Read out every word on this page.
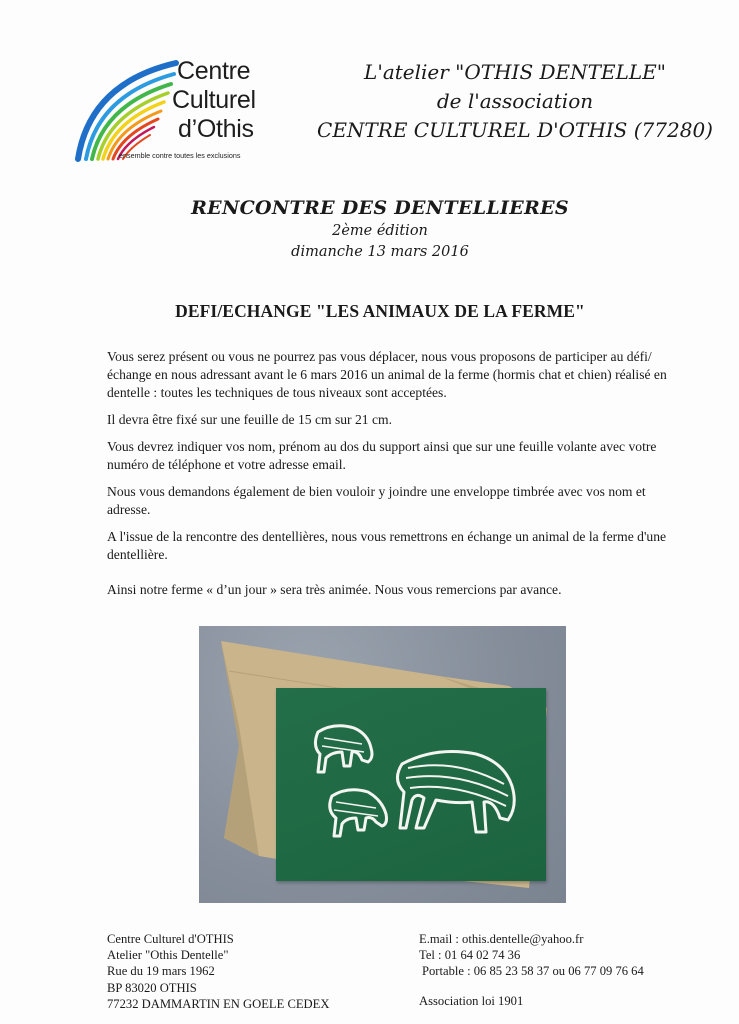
Centre
Culturel
d’Othis
ensemble contre toutes les exclusions
L'atelier "OTHIS DENTELLE"
de l'association
CENTRE CULTUREL D'OTHIS (77280)
RENCONTRE DES DENTELLIERES
2ème édition
dimanche 13 mars 2016
DEFI/ECHANGE "LES ANIMAUX DE LA FERME"

Vous serez présent ou vous ne pourrez pas vous déplacer, nous vous proposons de participer au défi/échange en nous adressant avant le 6 mars 2016 un animal de la ferme (hormis chat et chien) réalisé en dentelle : toutes les techniques de tous niveaux sont acceptées.

Il devra être fixé sur une feuille de 15 cm sur 21 cm.

Vous devrez indiquer vos nom, prénom au dos du support ainsi que sur une feuille volante avec votre numéro de téléphone et votre adresse email.

Nous vous demandons également de bien vouloir y joindre une enveloppe timbrée avec vos nom et adresse.

A l'issue de la rencontre des dentellières, nous vous remettrons en échange un animal de la ferme d'une dentellière.

Ainsi notre ferme « d’un jour » sera très animée. Nous vous remercions par avance.

Centre Culturel d'OTHIS
Atelier "Othis Dentelle"
Rue du 19 mars 1962
BP 83020 OTHIS
77232 DAMMARTIN EN GOELE CEDEX
E.mail : othis.dentelle@yahoo.fr
Tel : 01 64 02 74 36
Portable : 06 85 23 58 37 ou 06 77 09 76 64
Association loi 1901
